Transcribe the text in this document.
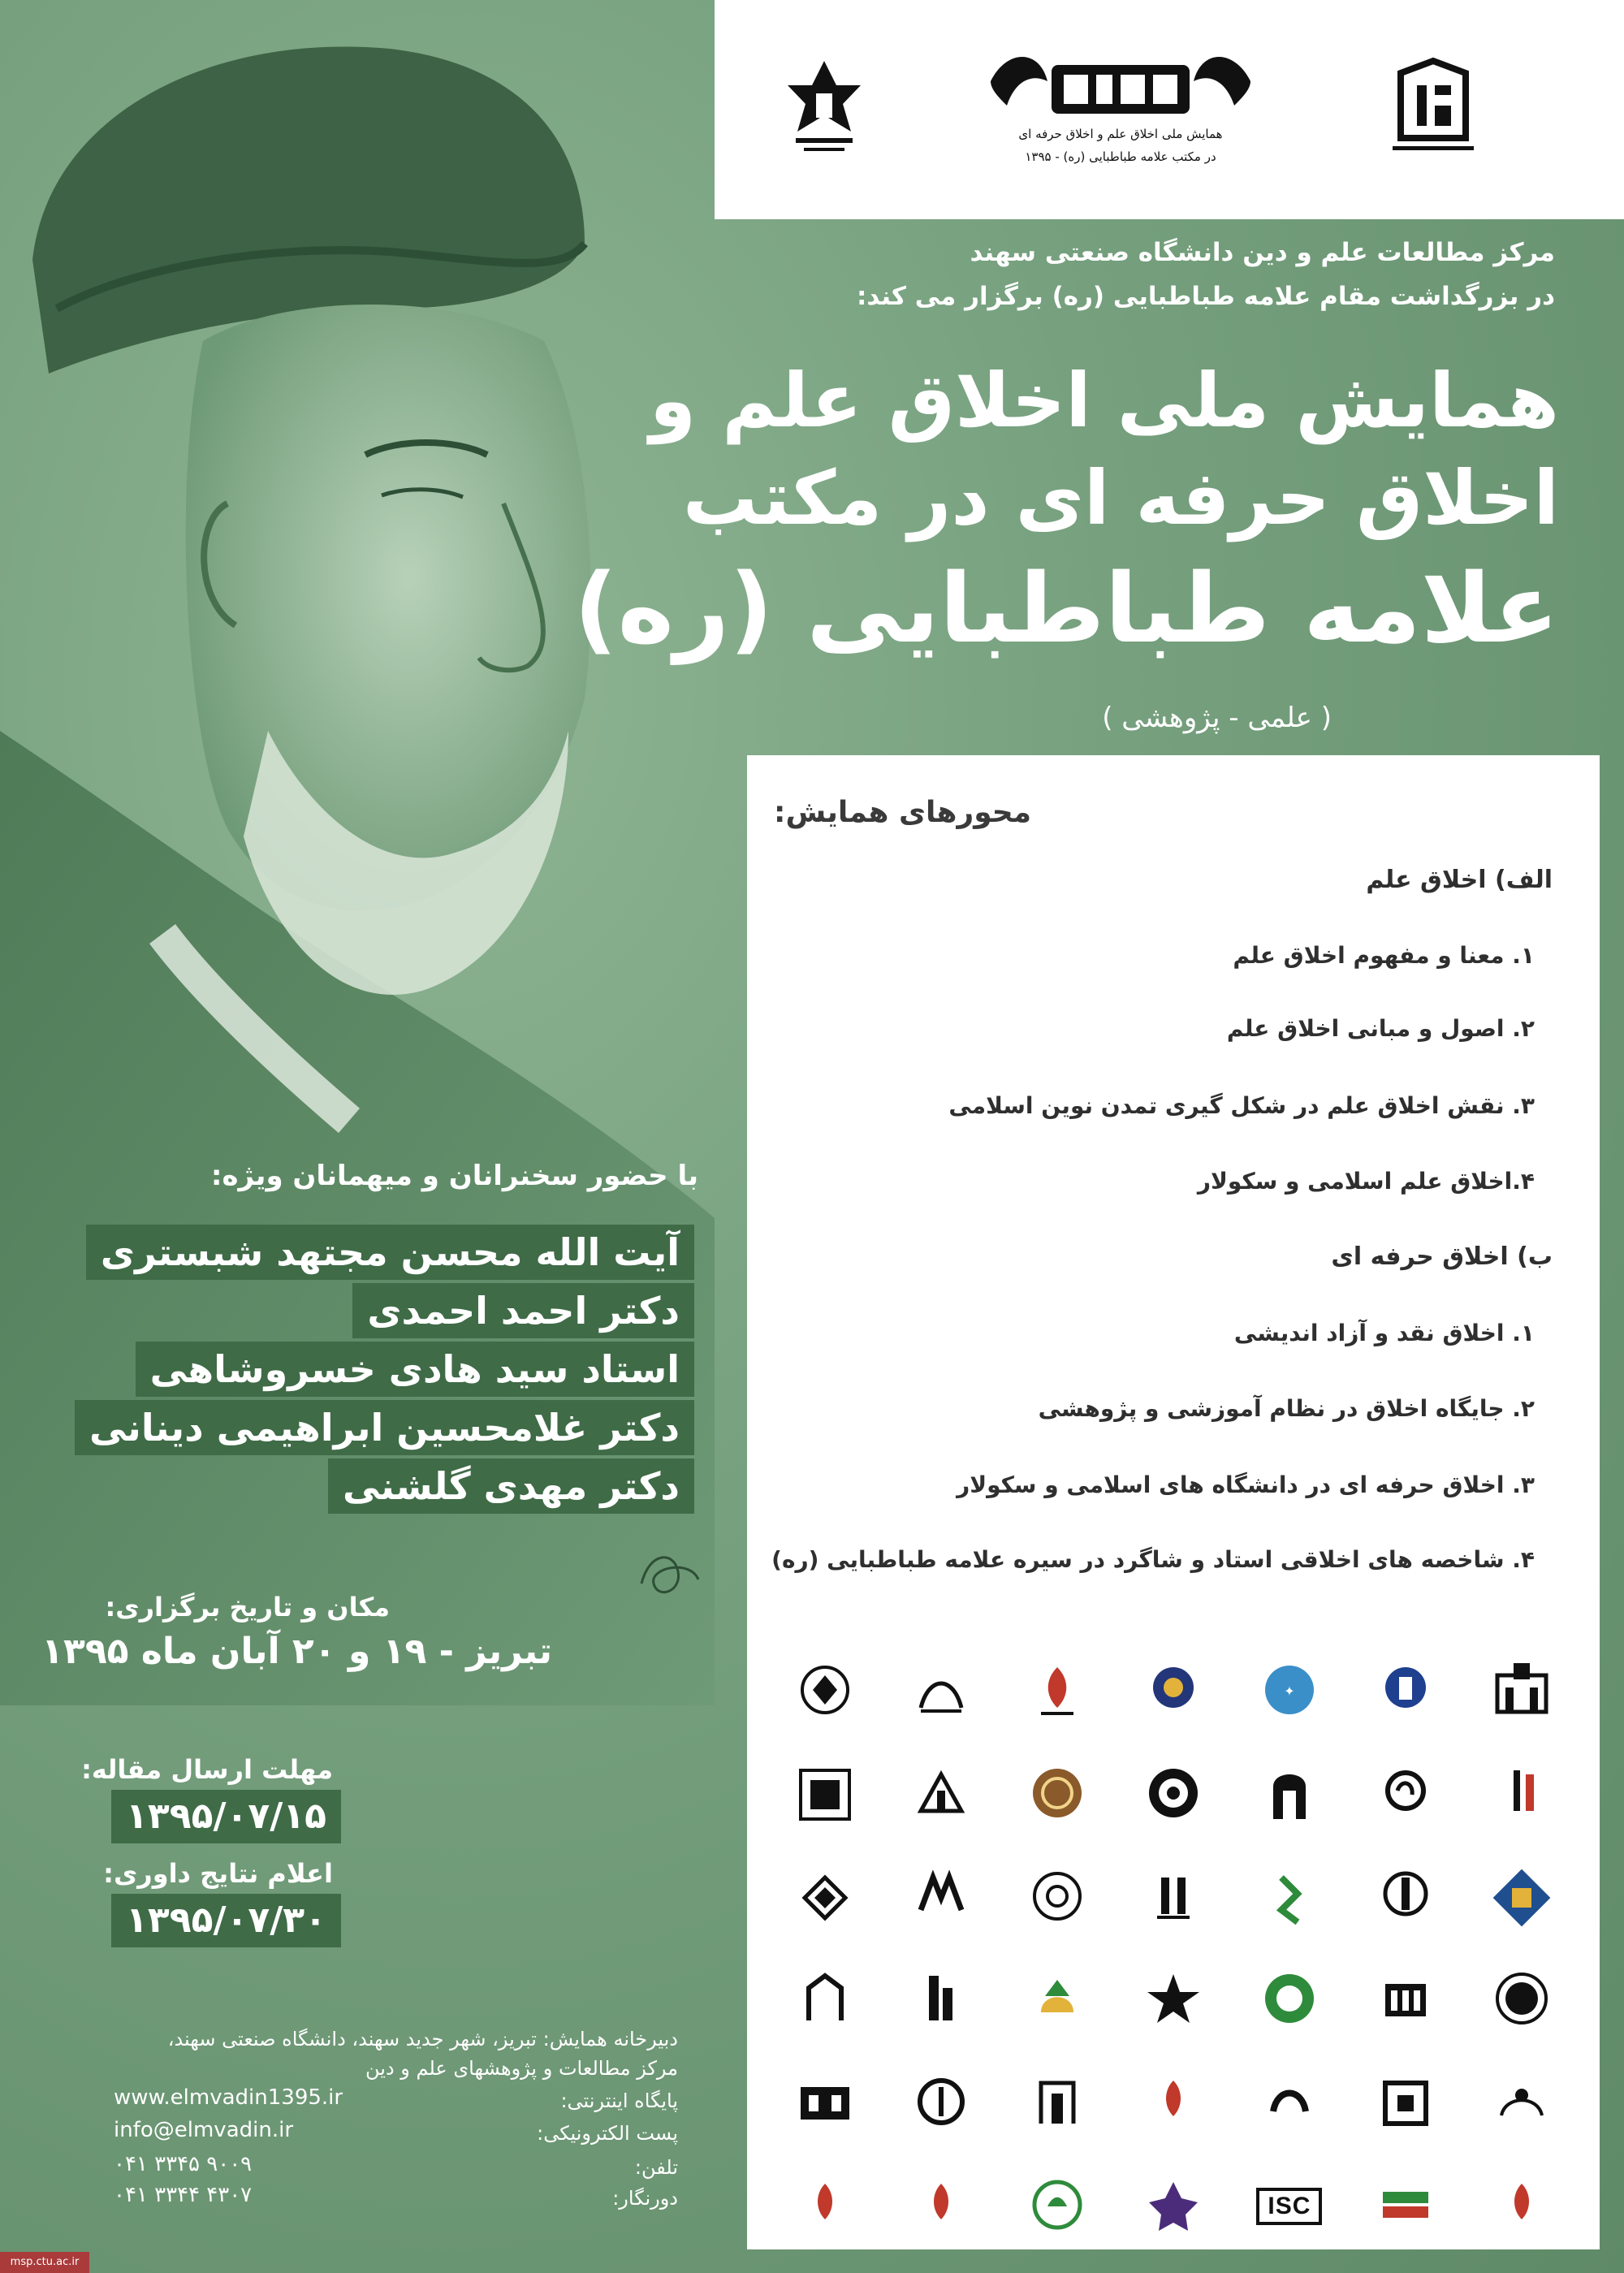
همایش ملی اخلاق علم و اخلاق حرفه ای
در مکتب علامه طباطبایی (ره) - ۱۳۹۵
مرکز مطالعات علم و دین دانشگاه صنعتی سهند
در بزرگداشت مقام علامه طباطبایی (ره) برگزار می کند:
همایش ملی اخلاق علم و
اخلاق حرفه ای در مکتب
علامه طباطبایی (ره)
( علمی - پژوهشی )
محورهای همایش:
الف) اخلاق علم
۱. معنا و مفهوم اخلاق علم
۲. اصول و مبانی اخلاق علم
۳. نقش اخلاق علم در شکل گیری تمدن نوین اسلامی
۴.اخلاق علم اسلامی و سکولار
ب) اخلاق حرفه ای
۱. اخلاق نقد و آزاد اندیشی
۲. جایگاه اخلاق در نظام آموزشی و پژوهشی
۳. اخلاق حرفه ای در دانشگاه های اسلامی و سکولار
۴. شاخصه های اخلاقی استاد و شاگرد در سیره علامه طباطبایی (ره)
با حضور سخنرانان و میهمانان ویژه:
آیت الله محسن مجتهد شبستری
دکتر احمد احمدی
استاد سید هادی خسروشاهی
دکتر غلامحسین ابراهیمی دینانی
دکتر مهدی گلشنی
مکان و تاریخ برگزاری:
تبریز - ۱۹ و ۲۰ آبان ماه ۱۳۹۵
مهلت ارسال مقاله:
۱۳۹۵/۰۷/۱۵
اعلام نتایج داوری:
۱۳۹۵/۰۷/۳۰
دبیرخانه همایش: تبریز، شهر جدید سهند، دانشگاه صنعتی سهند،
مرکز مطالعات و پژوهشهای علم و دین
پایگاه اینترنتی:
www.elmvadin1395.ir
پست الکترونیکی:
info@elmvadin.ir
تلفن:
۰۴۱ ۳۳۴۵ ۹۰۰۹
دورنگار:
۰۴۱ ۳۳۴۴ ۴۳۰۷
✦
ISC
msp.ctu.ac.ir
